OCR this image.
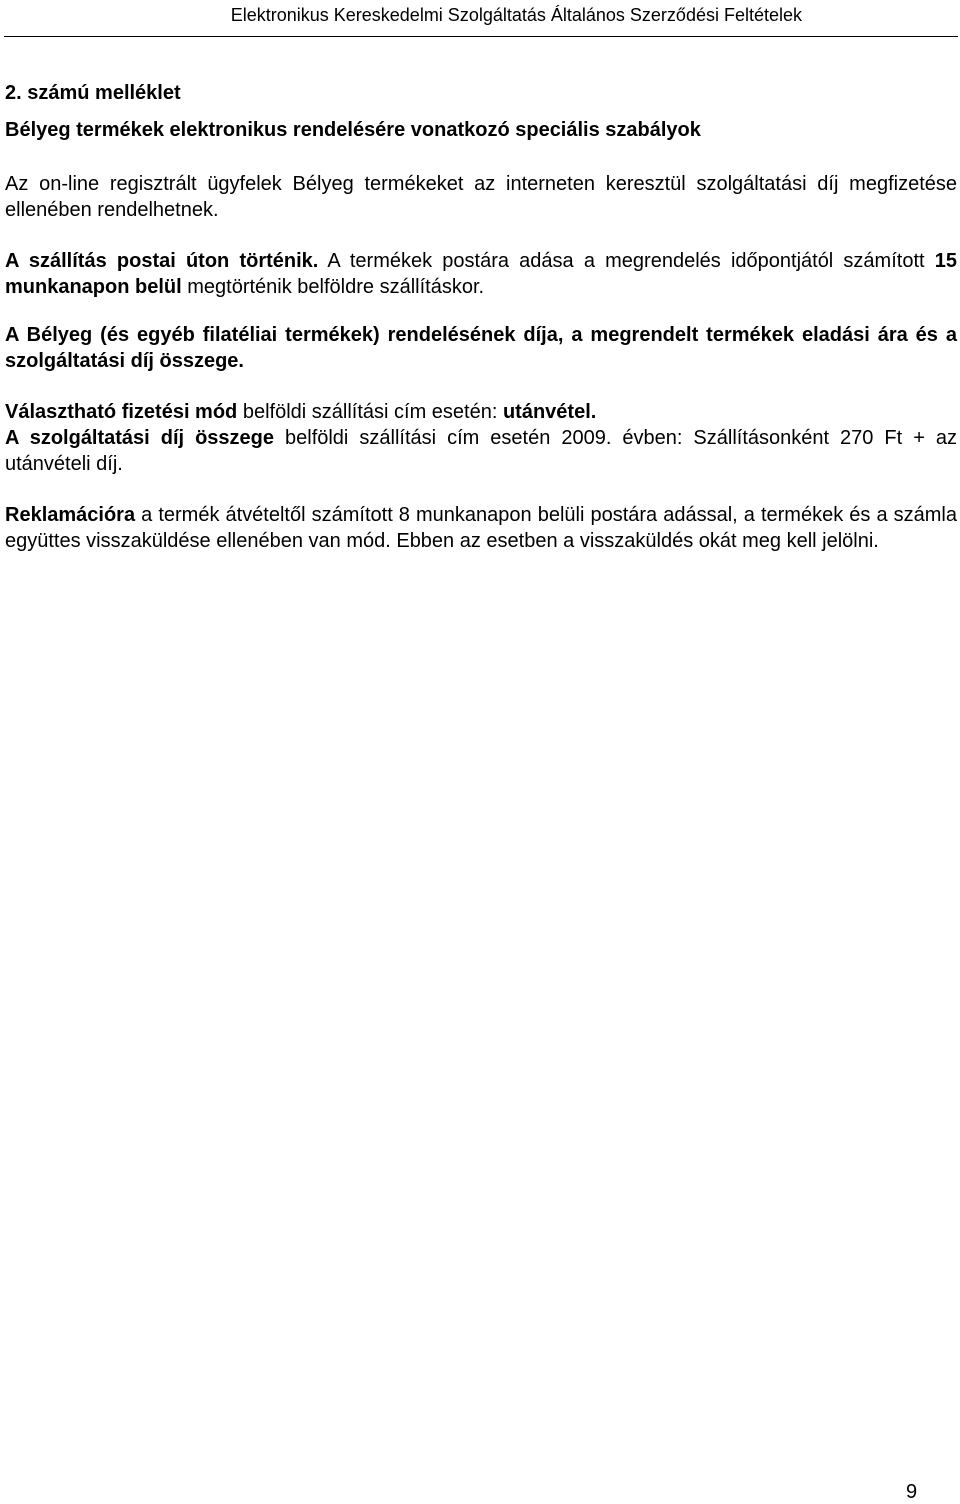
Elektronikus Kereskedelmi Szolgáltatás Általános Szerződési Feltételek

2. számú melléklet

Bélyeg termékek elektronikus rendelésére vonatkozó speciális szabályok

Az on-line regisztrált ügyfelek Bélyeg termékeket az interneten keresztül szolgáltatási díj megfizetése ellenében rendelhetnek.

A szállítás postai úton történik. A termékek postára adása a megrendelés időpontjától számított 15 munkanapon belül megtörténik belföldre szállításkor.

A Bélyeg (és egyéb filatéliai termékek) rendelésének díja, a megrendelt termékek eladási ára és a szolgáltatási díj összege.

Választható fizetési mód belföldi szállítási cím esetén: utánvétel.

A szolgáltatási díj összege belföldi szállítási cím esetén 2009. évben: Szállításonként 270 Ft + az utánvételi díj.

Reklamációra a termék átvételtől számított 8 munkanapon belüli postára adással, a termékek és a számla együttes visszaküldése ellenében van mód. Ebben az esetben a visszaküldés okát meg kell jelölni.

9
